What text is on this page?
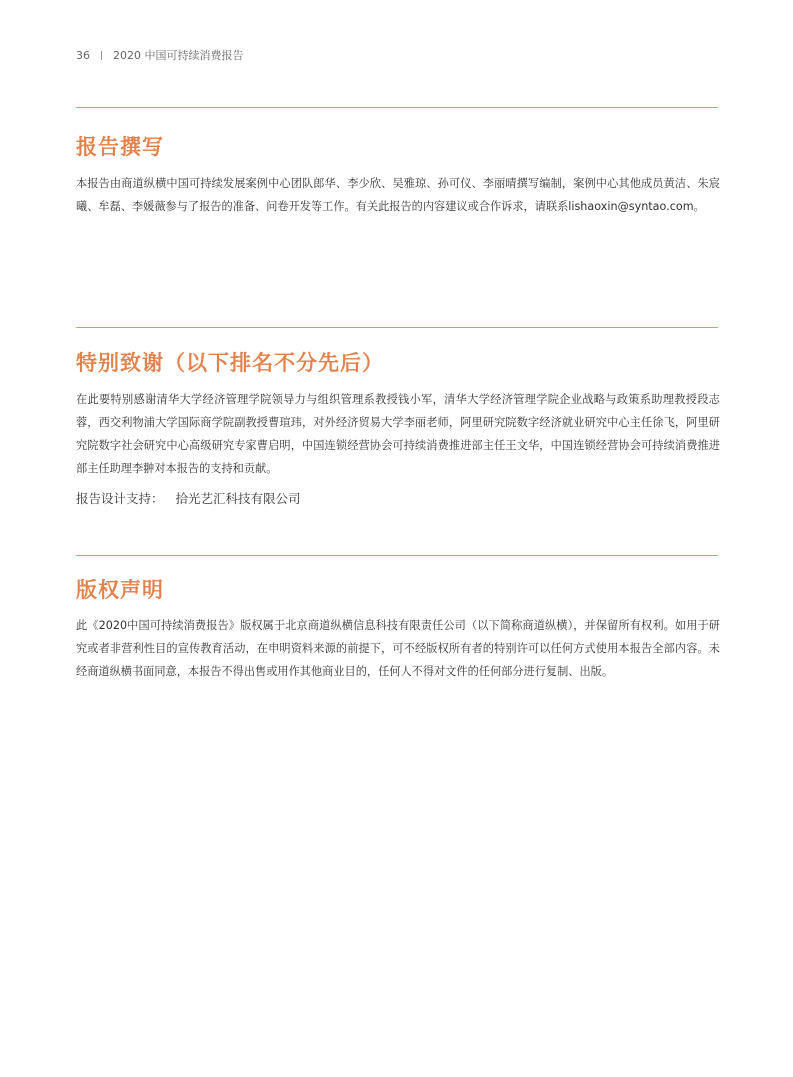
36 2020 中国可持续消费报告
报告撰写

本报告由商道纵横中国可持续发展案例中心团队郎华、李少欣、吴雅琼、孙可仪、李丽晴撰写编制，案例中心其他成员黄洁、朱宸曦、牟磊、李媛薇参与了报告的准备、问卷开发等工作。有关此报告的内容建议或合作诉求，请联系lishaoxin@syntao.com。

特别致谢（以下排名不分先后）

在此要特别感谢清华大学经济管理学院领导力与组织管理系教授钱小军，清华大学经济管理学院企业战略与政策系助理教授段志蓉，西交利物浦大学国际商学院副教授曹瑄玮，对外经济贸易大学李丽老师，阿里研究院数字经济就业研究中心主任徐飞，阿里研究院数字社会研究中心高级研究专家曹启明，中国连锁经营协会可持续消费推进部主任王文华，中国连锁经营协会可持续消费推进部主任助理李翀对本报告的支持和贡献。

报告设计支持： 拾光艺汇科技有限公司

版权声明

此《2020中国可持续消费报告》版权属于北京商道纵横信息科技有限责任公司（以下简称商道纵横），并保留所有权利。如用于研究或者非营利性目的宣传教育活动，在申明资料来源的前提下，可不经版权所有者的特别许可以任何方式使用本报告全部内容。未经商道纵横书面同意，本报告不得出售或用作其他商业目的，任何人不得对文件的任何部分进行复制、出版。
